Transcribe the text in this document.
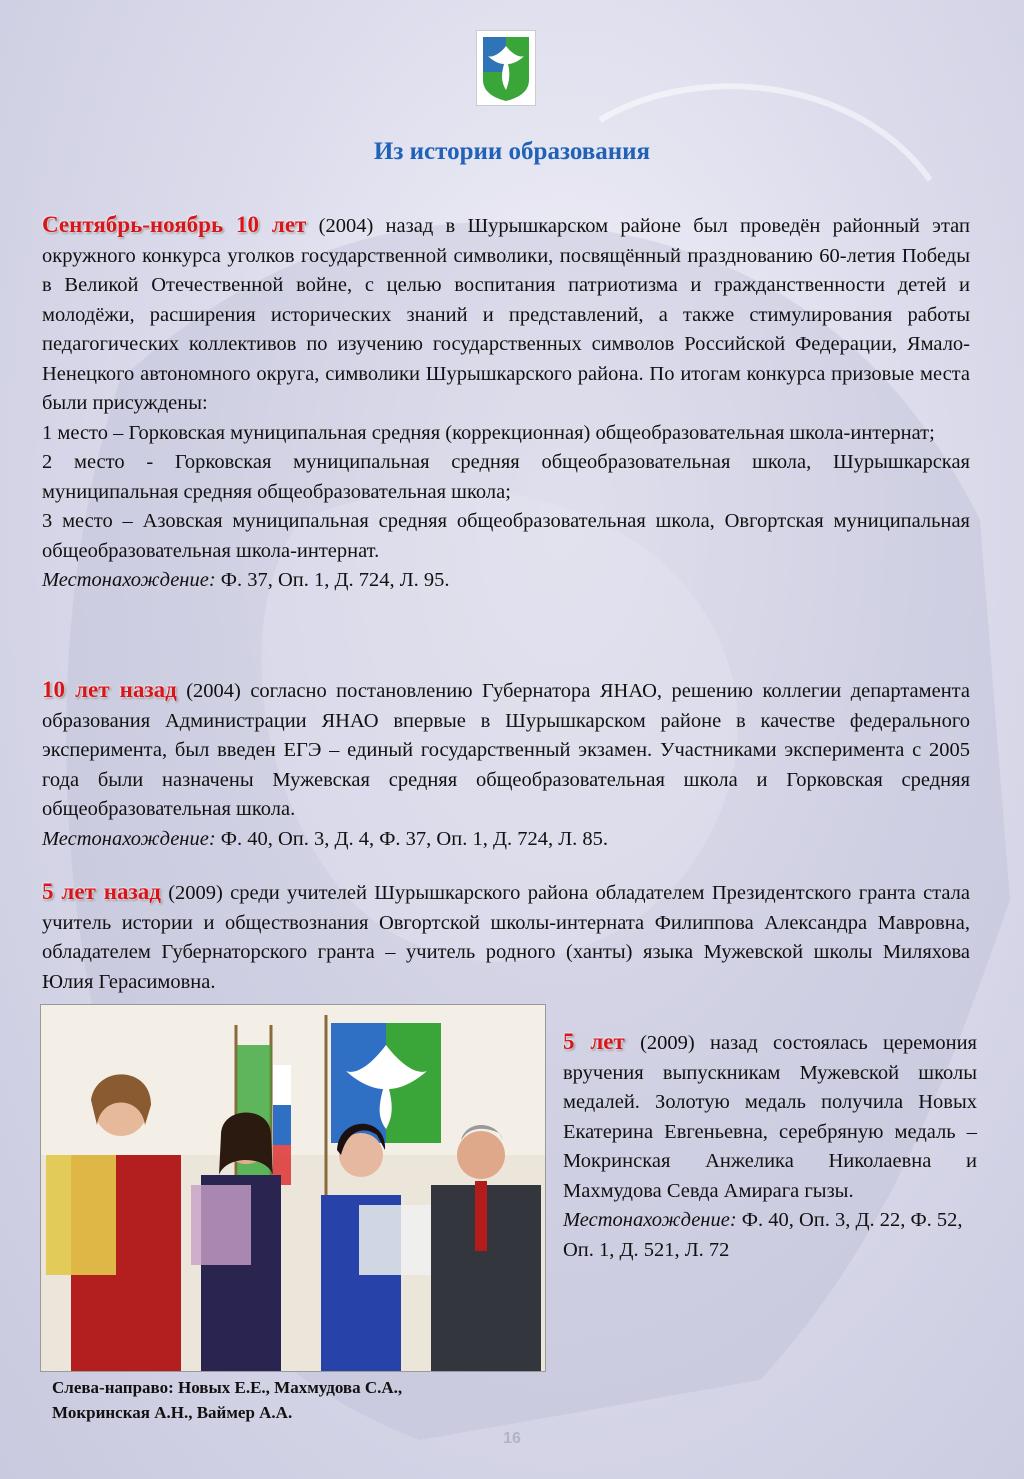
Из истории образования

Сентябрь-ноябрь 10 лет (2004) назад в Шурышкарском районе был проведён районный этап окружного конкурса уголков государственной символики, посвящённый празднованию 60-летия Победы в Великой Отечественной войне, с целью воспитания патриотизма и гражданственности детей и молодёжи, расширения исторических знаний и представлений, а также стимулирования работы педагогических коллективов по изучению государственных символов Российской Федерации, Ямало-Ненецкого автономного округа, символики Шурышкарского района. По итогам конкурса призовые места были присуждены:

1 место – Горковская муниципальная средняя (коррекционная) общеобразовательная школа-интернат;

2 место - Горковская муниципальная средняя общеобразовательная школа, Шурышкарская муниципальная средняя общеобразовательная школа;

3 место – Азовская муниципальная средняя общеобразовательная школа, Овгортская муниципальная общеобразовательная школа-интернат.

Местонахождение: Ф. 37, Оп. 1, Д. 724, Л. 95.

10 лет назад (2004) согласно постановлению Губернатора ЯНАО, решению коллегии департамента образования Администрации ЯНАО впервые в Шурышкарском районе в качестве федерального эксперимента, был введен ЕГЭ – единый государственный экзамен. Участниками эксперимента с 2005 года были назначены Мужевская средняя общеобразовательная школа и Горковская средняя общеобразовательная школа.

Местонахождение: Ф. 40, Оп. 3, Д. 4, Ф. 37, Оп. 1, Д. 724, Л. 85.

5 лет назад (2009) среди учителей Шурышкарского района обладателем Президентского гранта стала учитель истории и обществознания Овгортской школы-интерната Филиппова Александра Мавровна, обладателем Губернаторского гранта – учитель родного (ханты) языка Мужевской школы Миляхова Юлия Герасимовна.

5 лет (2009) назад состоялась церемония вручения выпускникам Мужевской школы медалей. Золотую медаль получила Новых Екатерина Евгеньевна, серебряную медаль – Мокринская Анжелика Николаевна и Махмудова Севда Амирага гызы.

Местонахождение: Ф. 40, Оп. 3, Д. 22, Ф. 52, Оп. 1, Д. 521, Л. 72

Слева-направо: Новых Е.Е., Махмудова С.А.,
Мокринская А.Н., Ваймер А.А.
16
